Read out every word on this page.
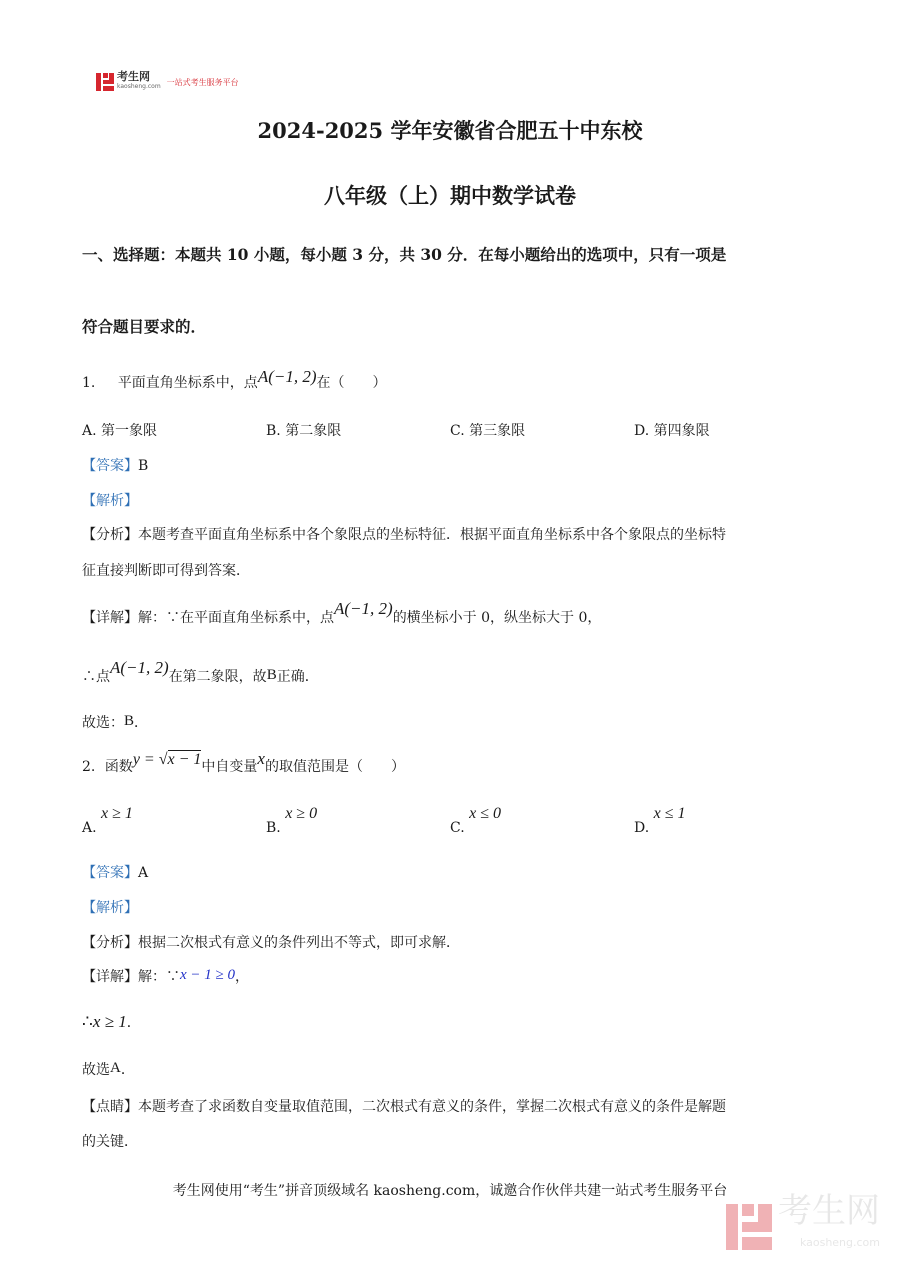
考生网
kaosheng.com 一站式考生服务平台
2024-2025 学年安徽省合肥五十中东校
八年级（上）期中数学试卷
一、选择题：本题共 10 小题，每小题 3 分，共 30 分．在每小题给出的选项中，只有一项是
符合题目要求的．
1. 平面直角坐标系中，点A(−1, 2)在（　　）
A. 第一象限	B. 第二象限	C. 第三象限	D. 第四象限
【答案】B
【解析】
【分析】本题考查平面直角坐标系中各个象限点的坐标特征．根据平面直角坐标系中各个象限点的坐标特
征直接判断即可得到答案．
【详解】解：∵在平面直角坐标系中，点A(−1, 2)的横坐标小于 0，纵坐标大于 0，
∴点A(−1, 2)在第二象限，故B正确．
故选：B．
2. 函数y = √x − 1中自变量x的取值范围是（　　）
A. x ≥ 1
B. x ≥ 0
C. x ≤ 0
D. x ≤ 1
【答案】A
【解析】
【分析】根据二次根式有意义的条件列出不等式，即可求解．
【详解】解：∵x − 1 ≥ 0，
∴x ≥ 1．
故选A．
【点睛】本题考查了求函数自变量取值范围，二次根式有意义的条件，掌握二次根式有意义的条件是解题
的关键．
考生网使用“考生”拼音顶级域名 kaosheng.com，诚邀合作伙伴共建一站式考生服务平台	考生网
kaosheng.com
